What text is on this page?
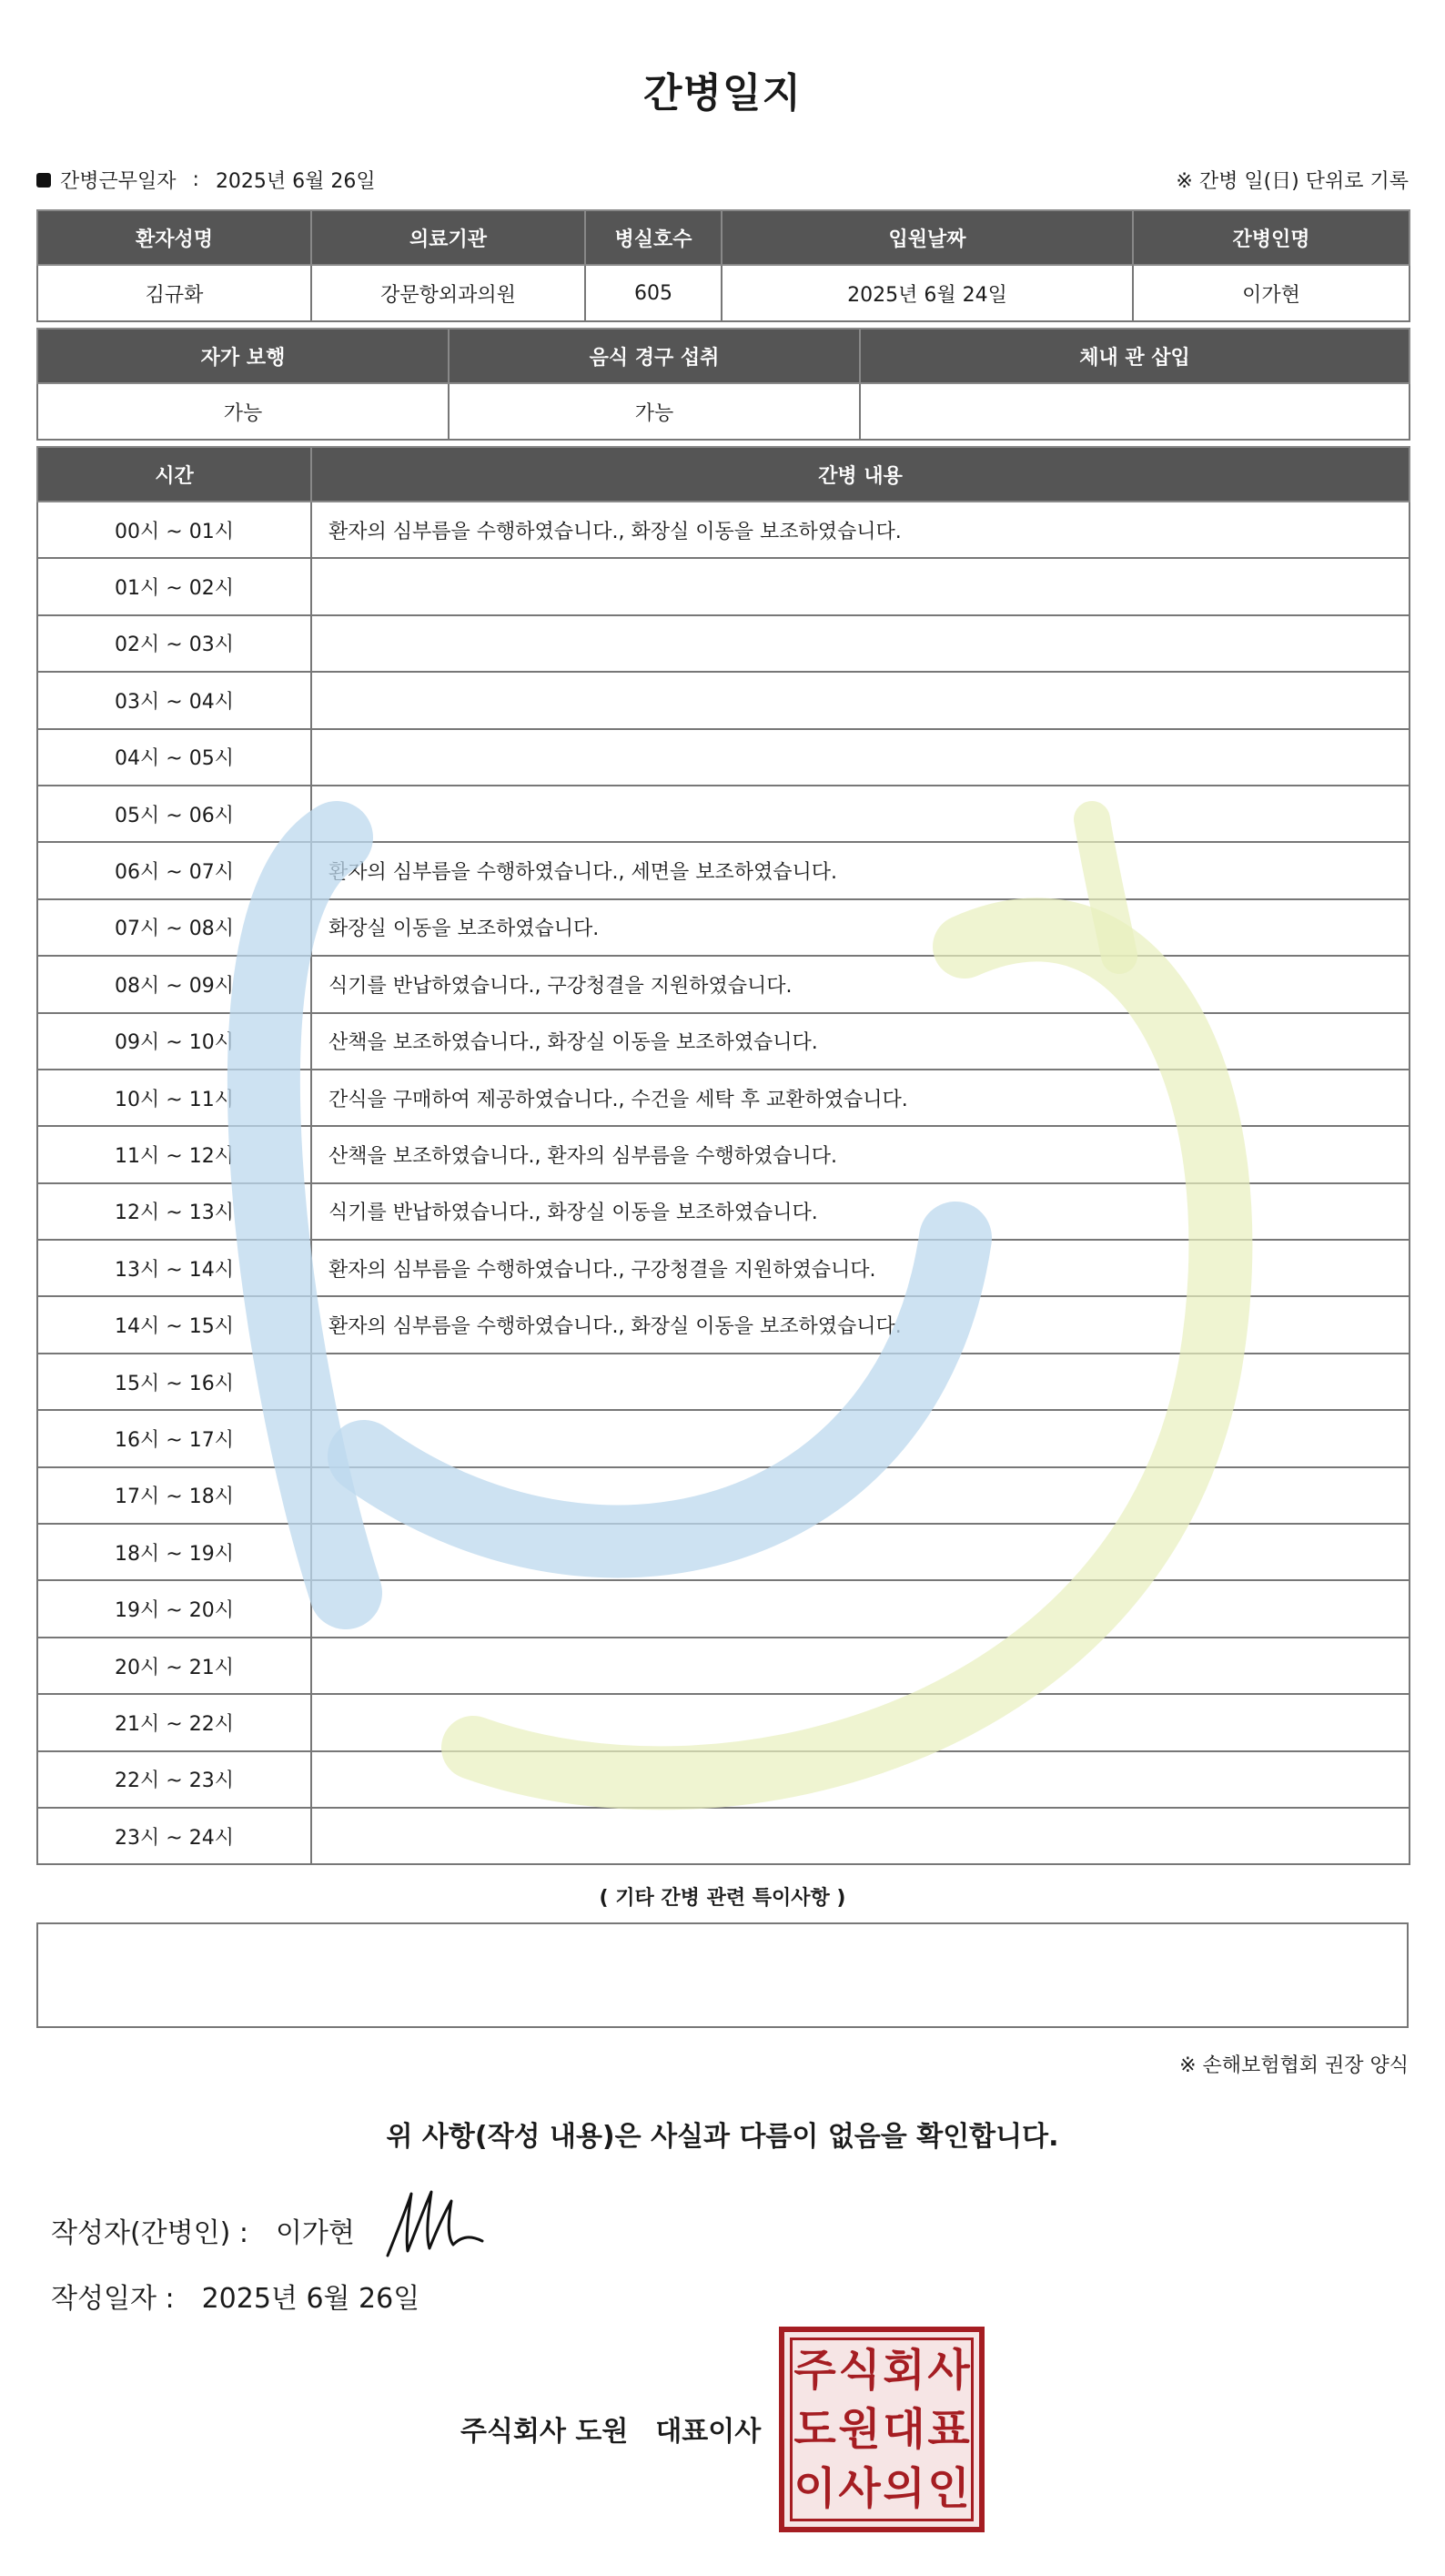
간병일지
간병근무일자 : 2025년 6월 26일	※ 간병 일(日) 단위로 기록
환자성명	의료기관	병실호수	입원날짜	간병인명
김규화	강문항외과의원	605	2025년 6월 24일	이가현
자가 보행	음식 경구 섭취	체내 관 삽입
가능	가능	
시간	간병 내용
00시 ~ 01시	환자의 심부름을 수행하였습니다., 화장실 이동을 보조하였습니다.
01시 ~ 02시	
02시 ~ 03시	
03시 ~ 04시	
04시 ~ 05시	
05시 ~ 06시	
06시 ~ 07시	환자의 심부름을 수행하였습니다., 세면을 보조하였습니다.
07시 ~ 08시	화장실 이동을 보조하였습니다.
08시 ~ 09시	식기를 반납하였습니다., 구강청결을 지원하였습니다.
09시 ~ 10시	산책을 보조하였습니다., 화장실 이동을 보조하였습니다.
10시 ~ 11시	간식을 구매하여 제공하였습니다., 수건을 세탁 후 교환하였습니다.
11시 ~ 12시	산책을 보조하였습니다., 환자의 심부름을 수행하였습니다.
12시 ~ 13시	식기를 반납하였습니다., 화장실 이동을 보조하였습니다.
13시 ~ 14시	환자의 심부름을 수행하였습니다., 구강청결을 지원하였습니다.
14시 ~ 15시	환자의 심부름을 수행하였습니다., 화장실 이동을 보조하였습니다.
15시 ~ 16시	
16시 ~ 17시	
17시 ~ 18시	
18시 ~ 19시	
19시 ~ 20시	
20시 ~ 21시	
21시 ~ 22시	
22시 ~ 23시	
23시 ~ 24시	
( 기타 간병 관련 특이사항 )
※ 손해보험협회 권장 양식
위 사항(작성 내용)은 사실과 다름이 없음을 확인합니다.
작성자(간병인) : 이가현
작성일자 : 2025년 6월 26일
주식회사 도원 대표이사
주 식 회 사
도 원 대 표
이 사 의 인
